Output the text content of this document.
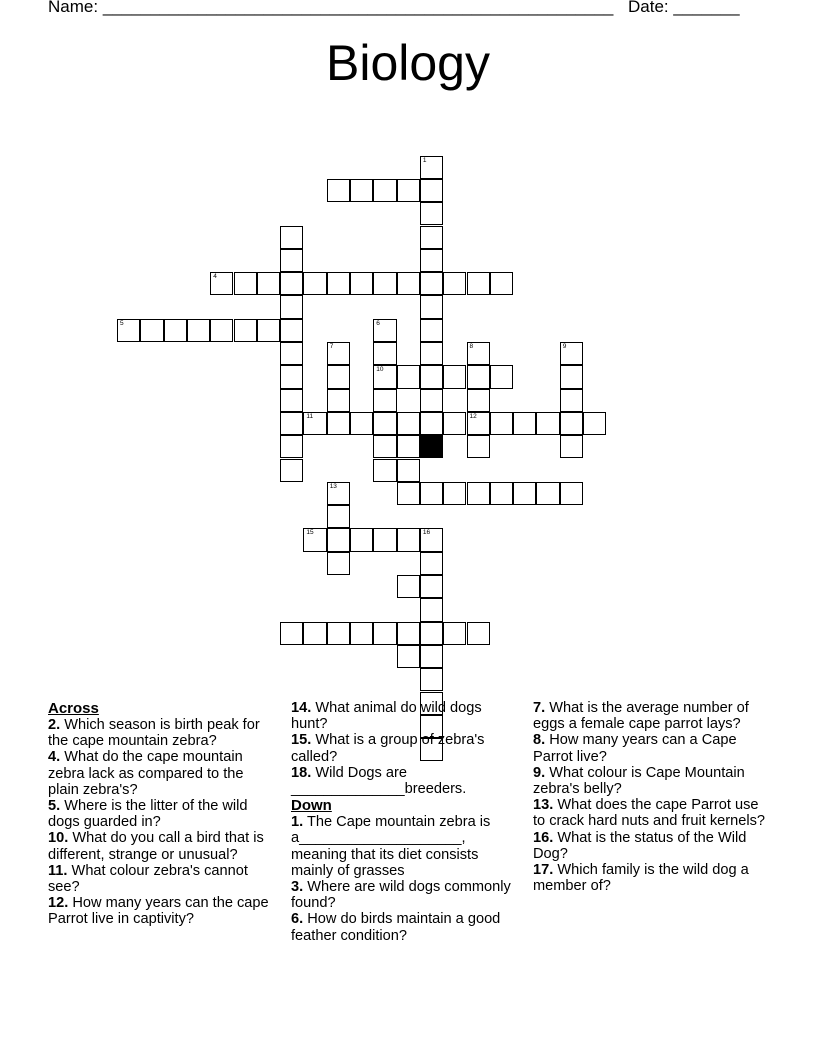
Name: ______________________________________________________ Date: _______
Biology
1
4
5	6
10
7	8
12
9
11
13
15	16
Across
2. Which season is birth peak for the cape mountain zebra?
4. What do the cape mountain zebra lack as compared to the plain zebra's?
5. Where is the litter of the wild dogs guarded in?
10. What do you call a bird that is different, strange or unusual?
11. What colour zebra's cannot see?
12. How many years can the cape Parrot live in captivity?
14. What animal do wild dogs hunt?
15. What is a group of zebra's called?
18. Wild Dogs are ______________breeders.
Down
1. The Cape mountain zebra is a____________________, meaning that its diet consists mainly of grasses
3. Where are wild dogs commonly found?
6. How do birds maintain a good feather condition?
7. What is the average number of eggs a female cape parrot lays?
8. How many years can a Cape Parrot live?
9. What colour is Cape Mountain zebra's belly?
13. What does the cape Parrot use to crack hard nuts and fruit kernels?
16. What is the status of the Wild Dog?
17. Which family is the wild dog a member of?
